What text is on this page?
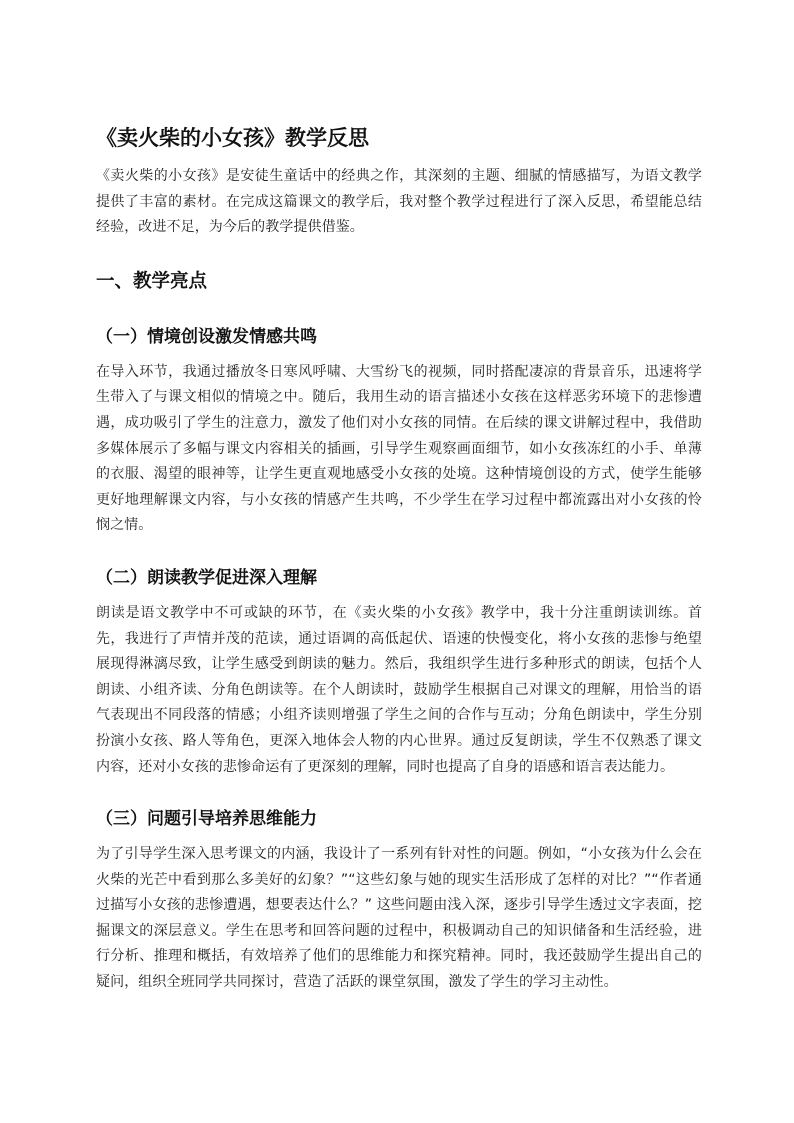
《卖火柴的小女孩》教学反思

《卖火柴的小女孩》是安徒生童话中的经典之作，其深刻的主题、细腻的情感描写，为语文教学提供了丰富的素材。在完成这篇课文的教学后，我对整个教学过程进行了深入反思，希望能总结经验，改进不足，为今后的教学提供借鉴。

一、教学亮点
（一）情境创设激发情感共鸣

在导入环节，我通过播放冬日寒风呼啸、大雪纷飞的视频，同时搭配凄凉的背景音乐，迅速将学生带入了与课文相似的情境之中。随后，我用生动的语言描述小女孩在这样恶劣环境下的悲惨遭遇，成功吸引了学生的注意力，激发了他们对小女孩的同情。在后续的课文讲解过程中，我借助多媒体展示了多幅与课文内容相关的插画，引导学生观察画面细节，如小女孩冻红的小手、单薄的衣服、渴望的眼神等，让学生更直观地感受小女孩的处境。这种情境创设的方式，使学生能够更好地理解课文内容，与小女孩的情感产生共鸣，不少学生在学习过程中都流露出对小女孩的怜悯之情。

（二）朗读教学促进深入理解

朗读是语文教学中不可或缺的环节，在《卖火柴的小女孩》教学中，我十分注重朗读训练。首先，我进行了声情并茂的范读，通过语调的高低起伏、语速的快慢变化，将小女孩的悲惨与绝望展现得淋漓尽致，让学生感受到朗读的魅力。然后，我组织学生进行多种形式的朗读，包括个人朗读、小组齐读、分角色朗读等。在个人朗读时，鼓励学生根据自己对课文的理解，用恰当的语气表现出不同段落的情感；小组齐读则增强了学生之间的合作与互动；分角色朗读中，学生分别扮演小女孩、路人等角色，更深入地体会人物的内心世界。通过反复朗读，学生不仅熟悉了课文内容，还对小女孩的悲惨命运有了更深刻的理解，同时也提高了自身的语感和语言表达能力。

（三）问题引导培养思维能力

为了引导学生深入思考课文的内涵，我设计了一系列有针对性的问题。例如，“小女孩为什么会在火柴的光芒中看到那么多美好的幻象？”“这些幻象与她的现实生活形成了怎样的对比？”“作者通过描写小女孩的悲惨遭遇，想要表达什么？” 这些问题由浅入深，逐步引导学生透过文字表面，挖掘课文的深层意义。学生在思考和回答问题的过程中，积极调动自己的知识储备和生活经验，进行分析、推理和概括，有效培养了他们的思维能力和探究精神。同时，我还鼓励学生提出自己的疑问，组织全班同学共同探讨，营造了活跃的课堂氛围，激发了学生的学习主动性。
